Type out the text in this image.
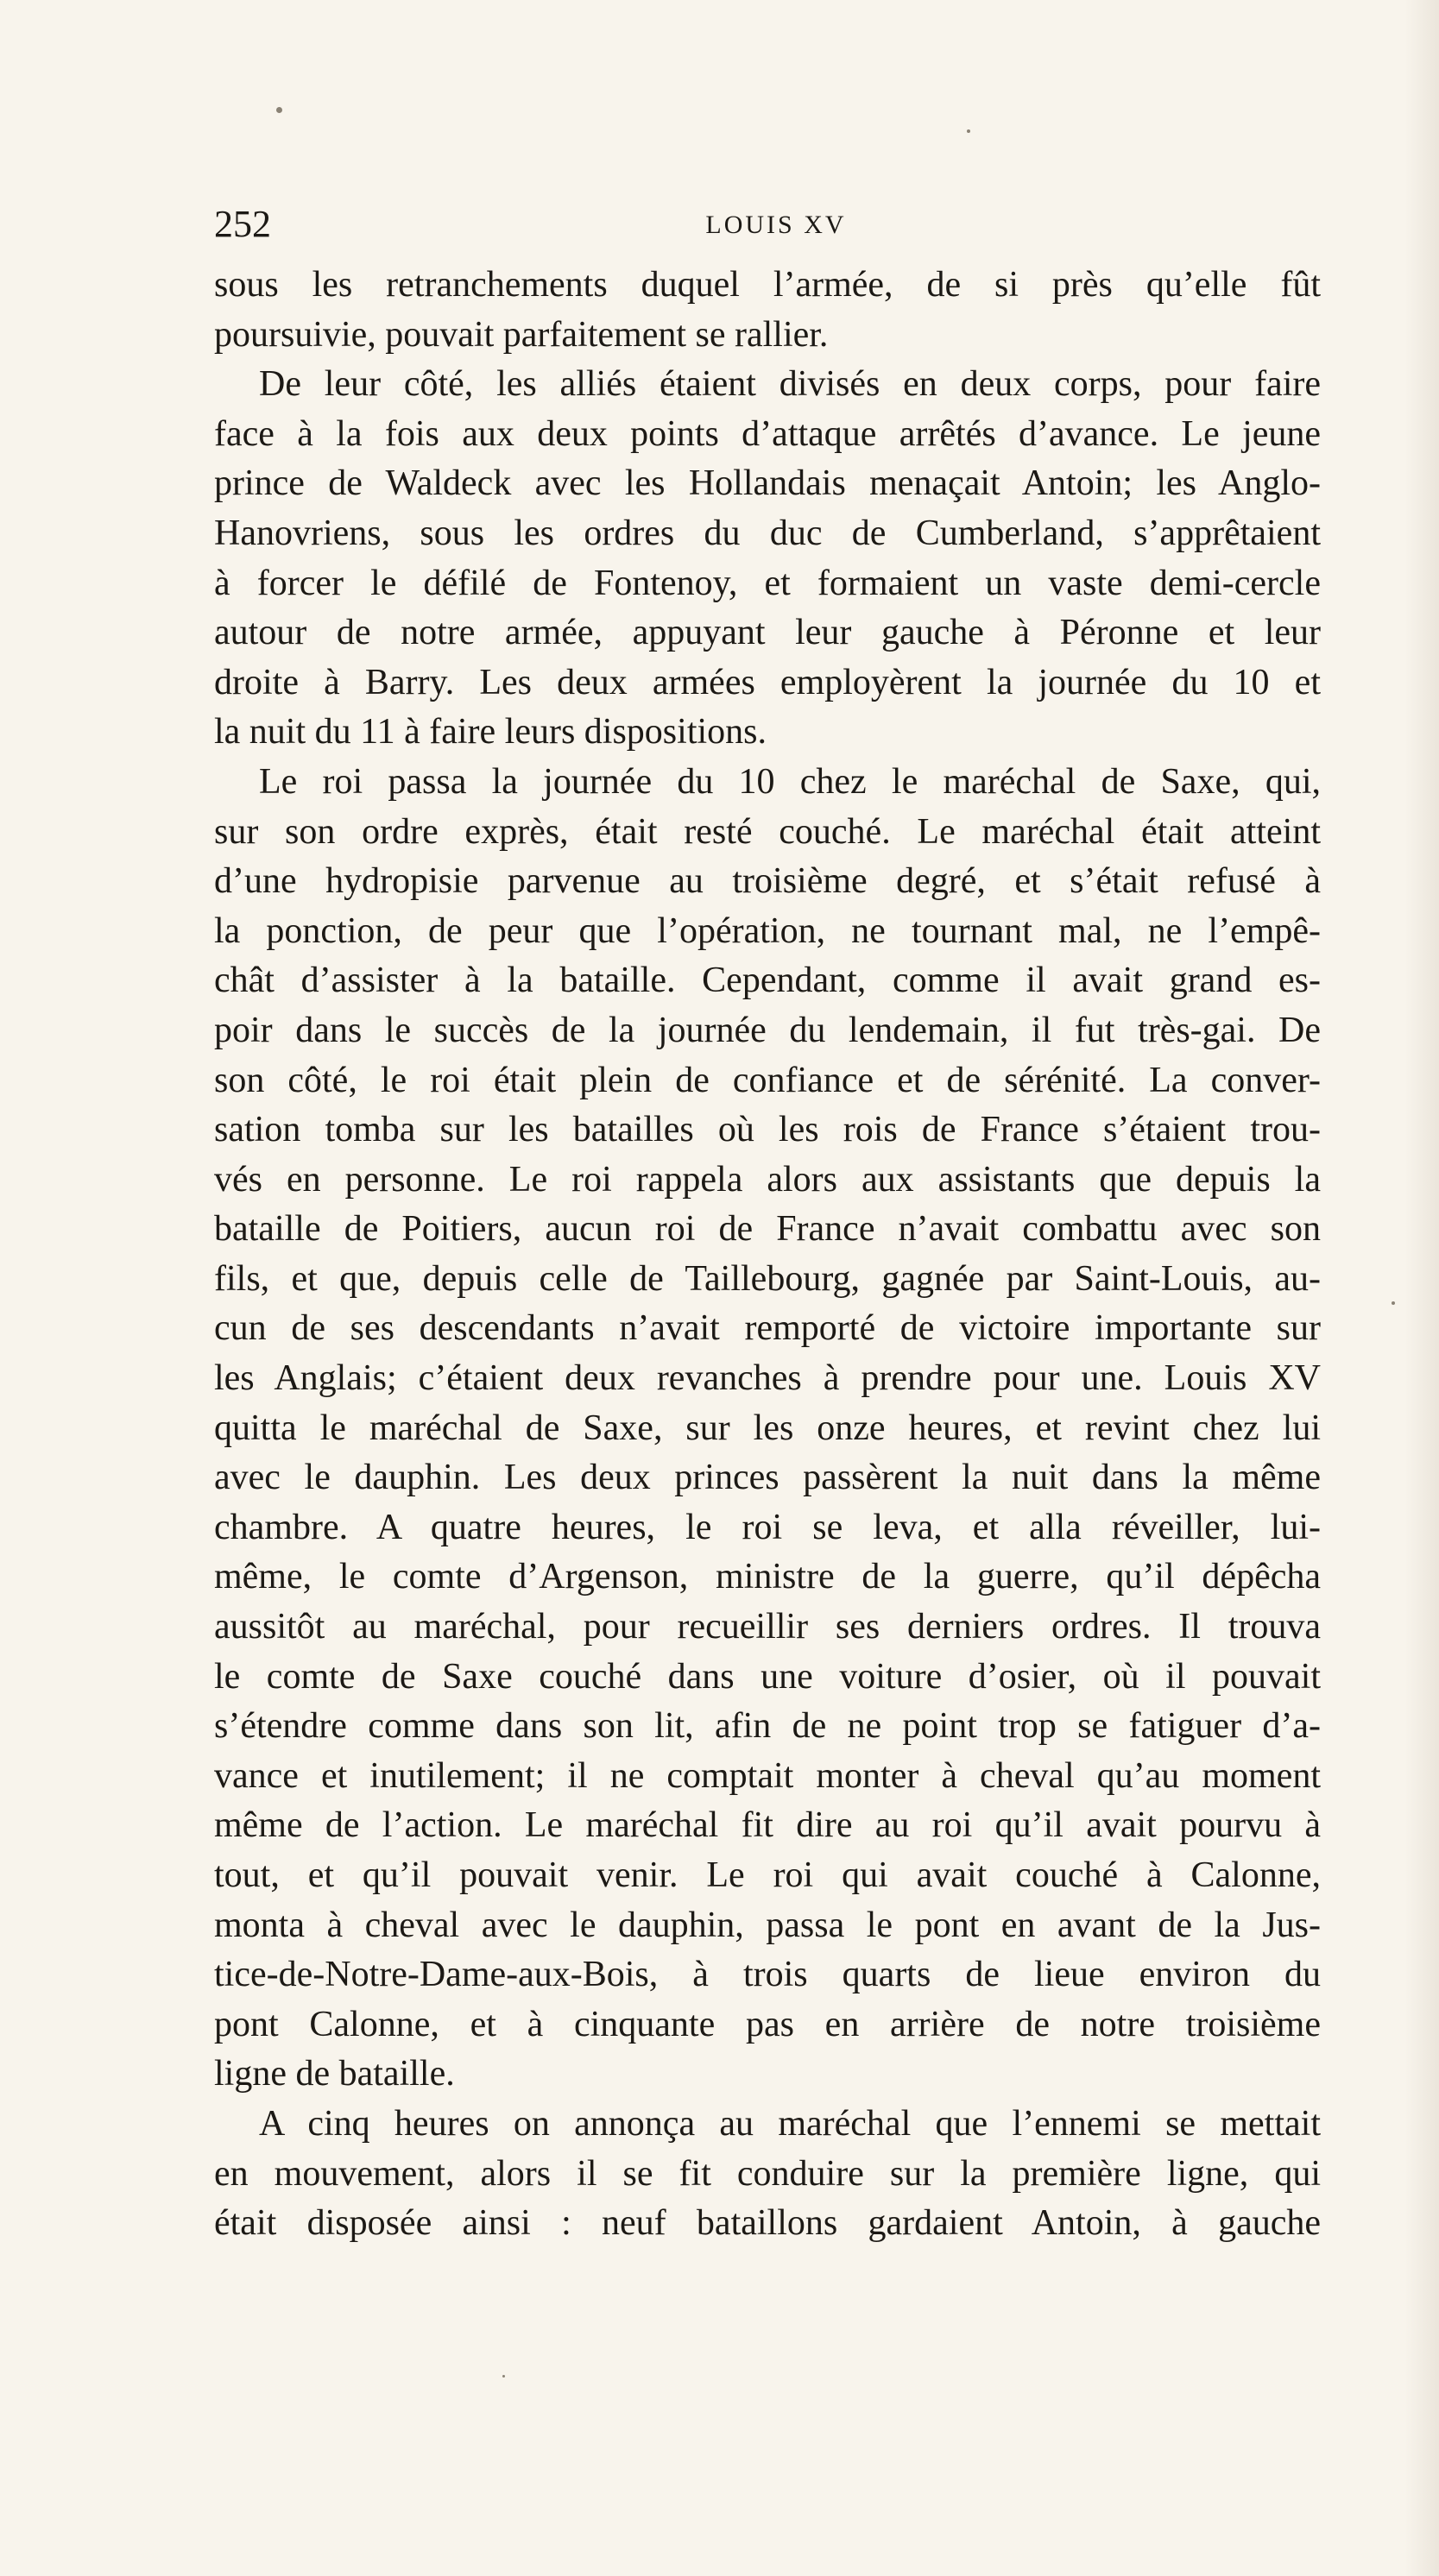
252	LOUIS XV
sous les retranchements duquel l’armée, de si près qu’elle fût
poursuivie, pouvait parfaitement se rallier.
De leur côté, les alliés étaient divisés en deux corps, pour faire
face à la fois aux deux points d’attaque arrêtés d’avance. Le jeune
prince de Waldeck avec les Hollandais menaçait Antoin; les Anglo-
Hanovriens, sous les ordres du duc de Cumberland, s’apprêtaient
à forcer le défilé de Fontenoy, et formaient un vaste demi-cercle
autour de notre armée, appuyant leur gauche à Péronne et leur
droite à Barry. Les deux armées employèrent la journée du 10 et
la nuit du 11 à faire leurs dispositions.
Le roi passa la journée du 10 chez le maréchal de Saxe, qui,
sur son ordre exprès, était resté couché. Le maréchal était atteint
d’une hydropisie parvenue au troisième degré, et s’était refusé à
la ponction, de peur que l’opération, ne tournant mal, ne l’empê-
chât d’assister à la bataille. Cependant, comme il avait grand es-
poir dans le succès de la journée du lendemain, il fut très-gai. De
son côté, le roi était plein de confiance et de sérénité. La conver-
sation tomba sur les batailles où les rois de France s’étaient trou-
vés en personne. Le roi rappela alors aux assistants que depuis la
bataille de Poitiers, aucun roi de France n’avait combattu avec son
fils, et que, depuis celle de Taillebourg, gagnée par Saint-Louis, au-
cun de ses descendants n’avait remporté de victoire importante sur
les Anglais; c’étaient deux revanches à prendre pour une. Louis XV
quitta le maréchal de Saxe, sur les onze heures, et revint chez lui
avec le dauphin. Les deux princes passèrent la nuit dans la même
chambre. A quatre heures, le roi se leva, et alla réveiller, lui-
même, le comte d’Argenson, ministre de la guerre, qu’il dépêcha
aussitôt au maréchal, pour recueillir ses derniers ordres. Il trouva
le comte de Saxe couché dans une voiture d’osier, où il pouvait
s’étendre comme dans son lit, afin de ne point trop se fatiguer d’a-
vance et inutilement; il ne comptait monter à cheval qu’au moment
même de l’action. Le maréchal fit dire au roi qu’il avait pourvu à
tout, et qu’il pouvait venir. Le roi qui avait couché à Calonne,
monta à cheval avec le dauphin, passa le pont en avant de la Jus-
tice-de-Notre-Dame-aux-Bois, à trois quarts de lieue environ du
pont Calonne, et à cinquante pas en arrière de notre troisième
ligne de bataille.
A cinq heures on annonça au maréchal que l’ennemi se mettait
en mouvement, alors il se fit conduire sur la première ligne, qui
était disposée ainsi : neuf bataillons gardaient Antoin, à gauche
